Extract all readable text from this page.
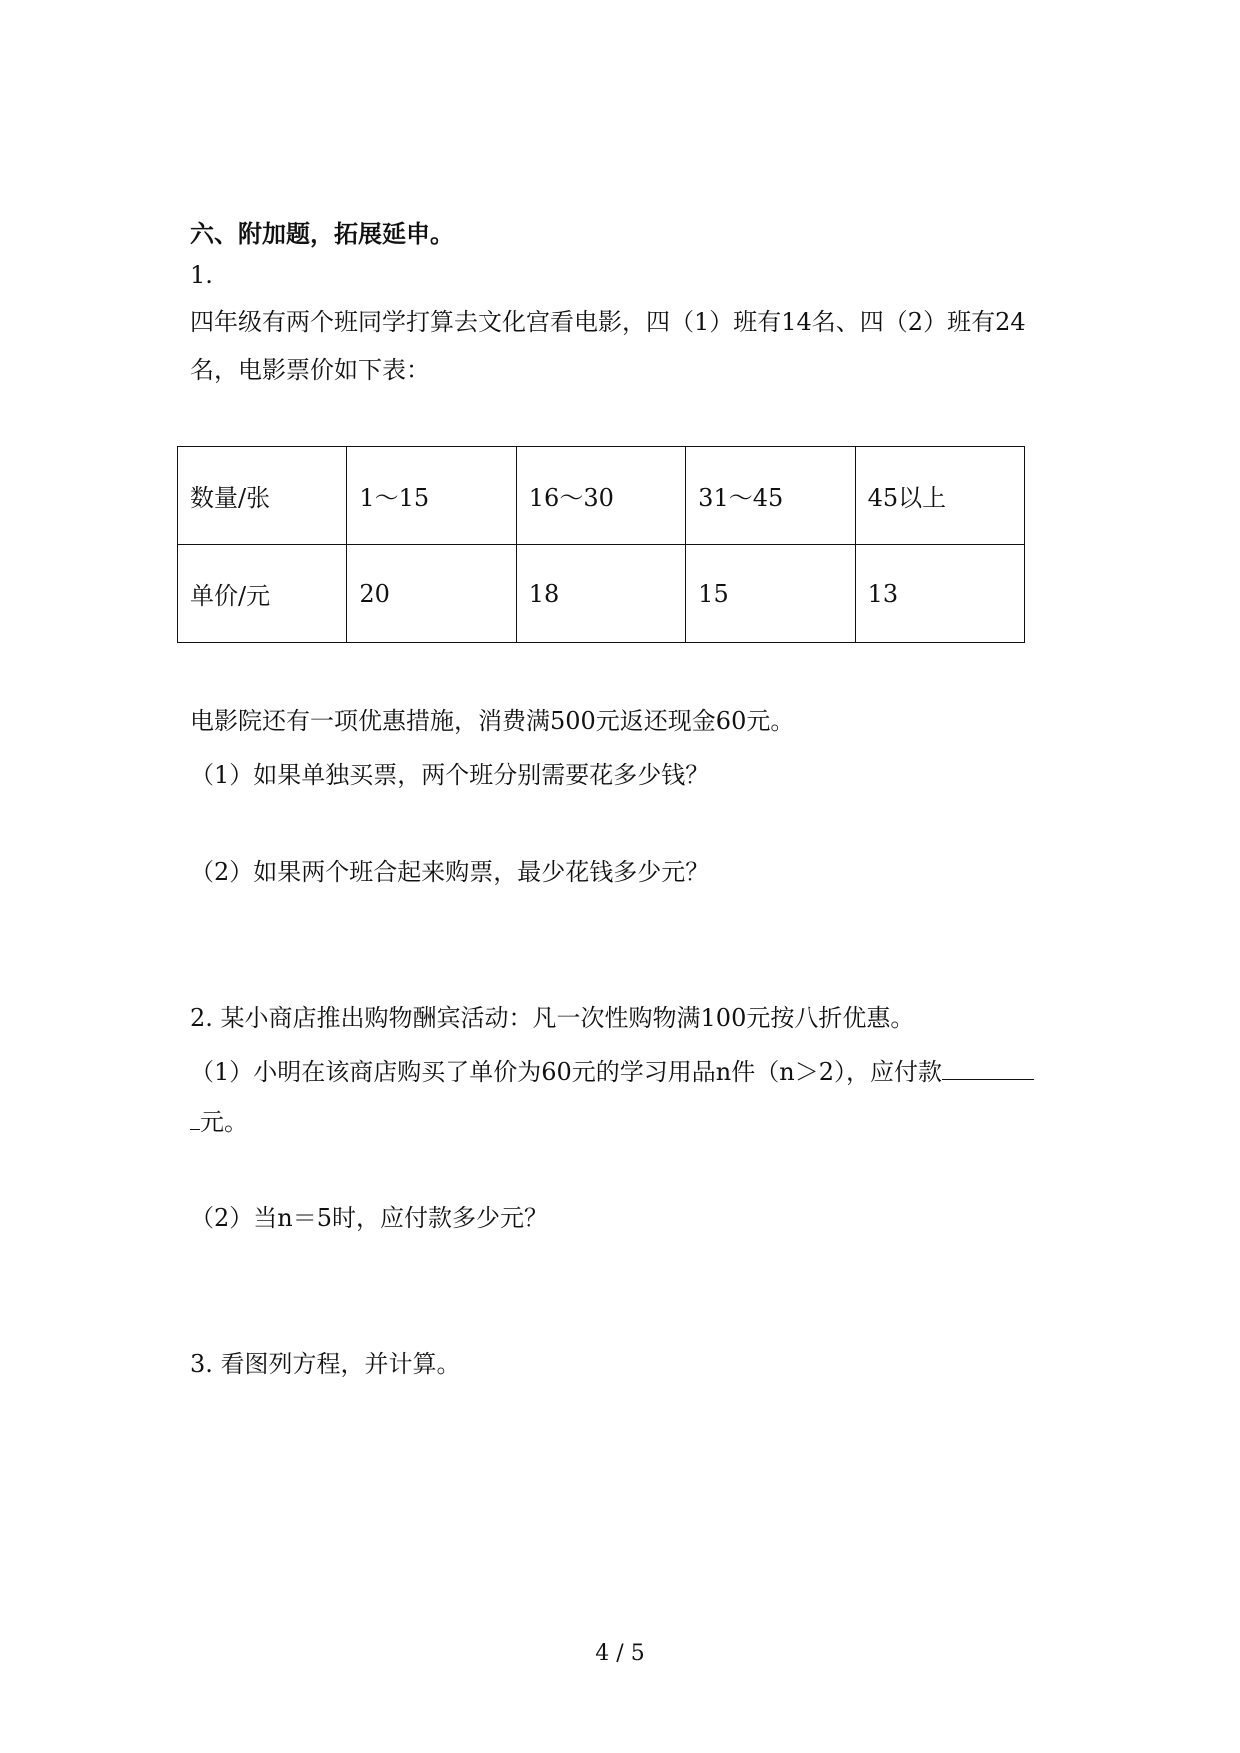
六、附加题，拓展延申。
1.
四年级有两个班同学打算去文化宫看电影，四（1）班有14名、四（2）班有24
名，电影票价如下表：
数量/张	1～15	16～30	31～45	45以上
单价/元	20	18	15	13
电影院还有一项优惠措施，消费满500元返还现金60元。
（1）如果单独买票，两个班分别需要花多少钱？
（2）如果两个班合起来购票，最少花钱多少元？
2. 某小商店推出购物酬宾活动：凡一次性购物满100元按八折优惠。
（1）小明在该商店购买了单价为60元的学习用品n件（n＞2），应付款
元。
（2）当n＝5时，应付款多少元？
3. 看图列方程，并计算。
4 / 5
